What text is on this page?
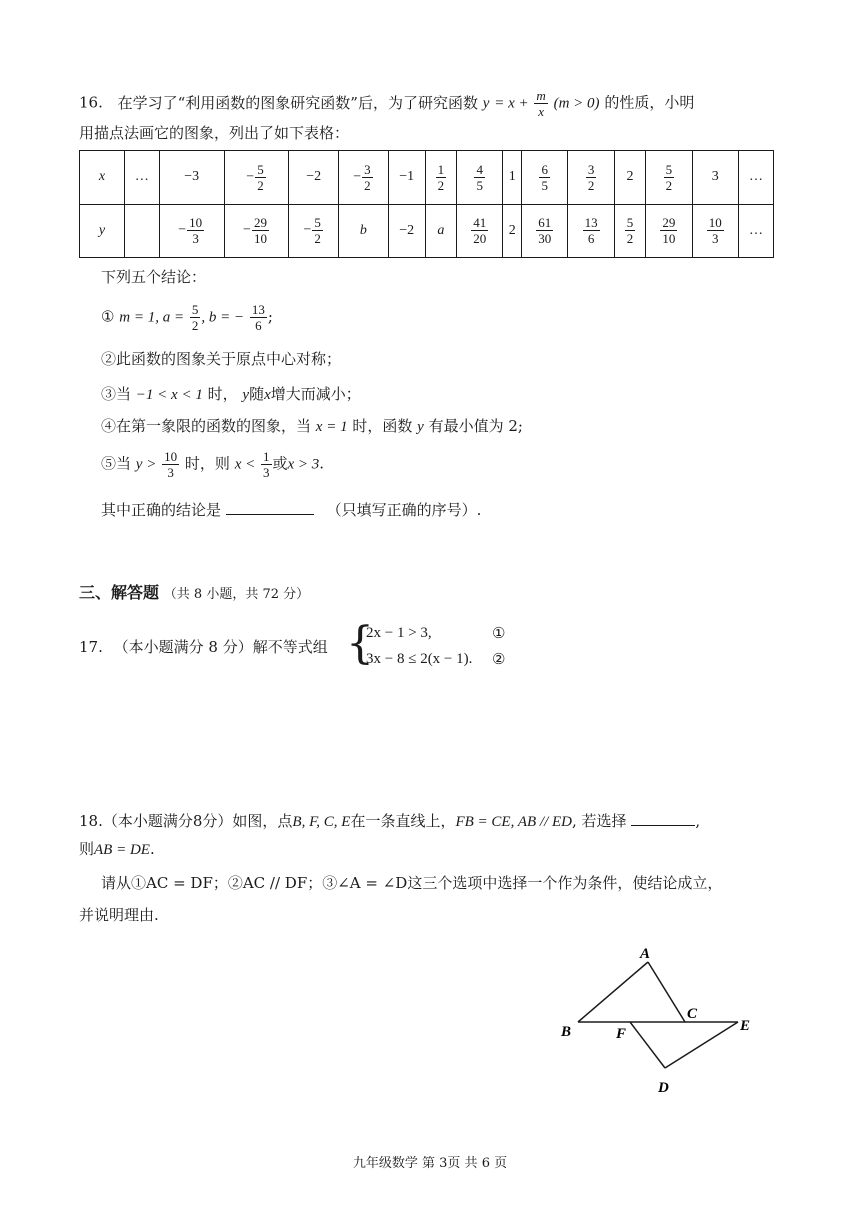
16. 在学习了“利用函数的图象研究函数”后，为了研究函数 $y = x + \frac{m}{x} (m > 0)$ 的性质，小明
用描点法画它的图象，列出了如下表格：
x	…	−3	− $\frac{5}{2}$	−2	− $\frac{3}{2}$	−1	$\frac{1}{2}$	$\frac{4}{5}$	1	$\frac{6}{5}$	$\frac{3}{2}$	2	$\frac{5}{2}$	3	…
y		− $\frac{10}{3}$	− $\frac{29}{10}$	− $\frac{5}{2}$	b	−2	a	$\frac{41}{20}$	2	$\frac{61}{30}$	$\frac{13}{6}$	$\frac{5}{2}$	$\frac{29}{10}$	$\frac{10}{3}$	…
下列五个结论：
① m = 1, $a = \frac{5}{2}$ , b = − $\frac{13}{6}$ ;
②此函数的图象关于原点中心对称；
③当 −1 < x < 1 时， y随x增大而减小；
④在第一象限的函数的图象，当 x = 1 时，函数 y 有最小值为 2;
⑤当 $y > \frac{10}{3}$ 时，则 $x < \frac{1}{3}$ 或x > 3.
其中正确的结论是	（只填写正确的序号）.
三、解答题 （共 8 小题，共 72 分）
17. （本小题满分 8 分）解不等式组 {
2x − 1 > 3,
3x − 8 ≤ 2(x − 1).
①
②
18.（本小题满分8分）如图，点B, F, C, E在一条直线上，FB = CE, AB // ED, 若选择	,
则AB = DE.
请从①AC = DF；②AC // DF；③∠A = ∠D这三个选项中选择一个作为条件，使结论成立，
并说明理由.
A
B
C
F	E
D
九年级数学 第 3页 共 6 页
